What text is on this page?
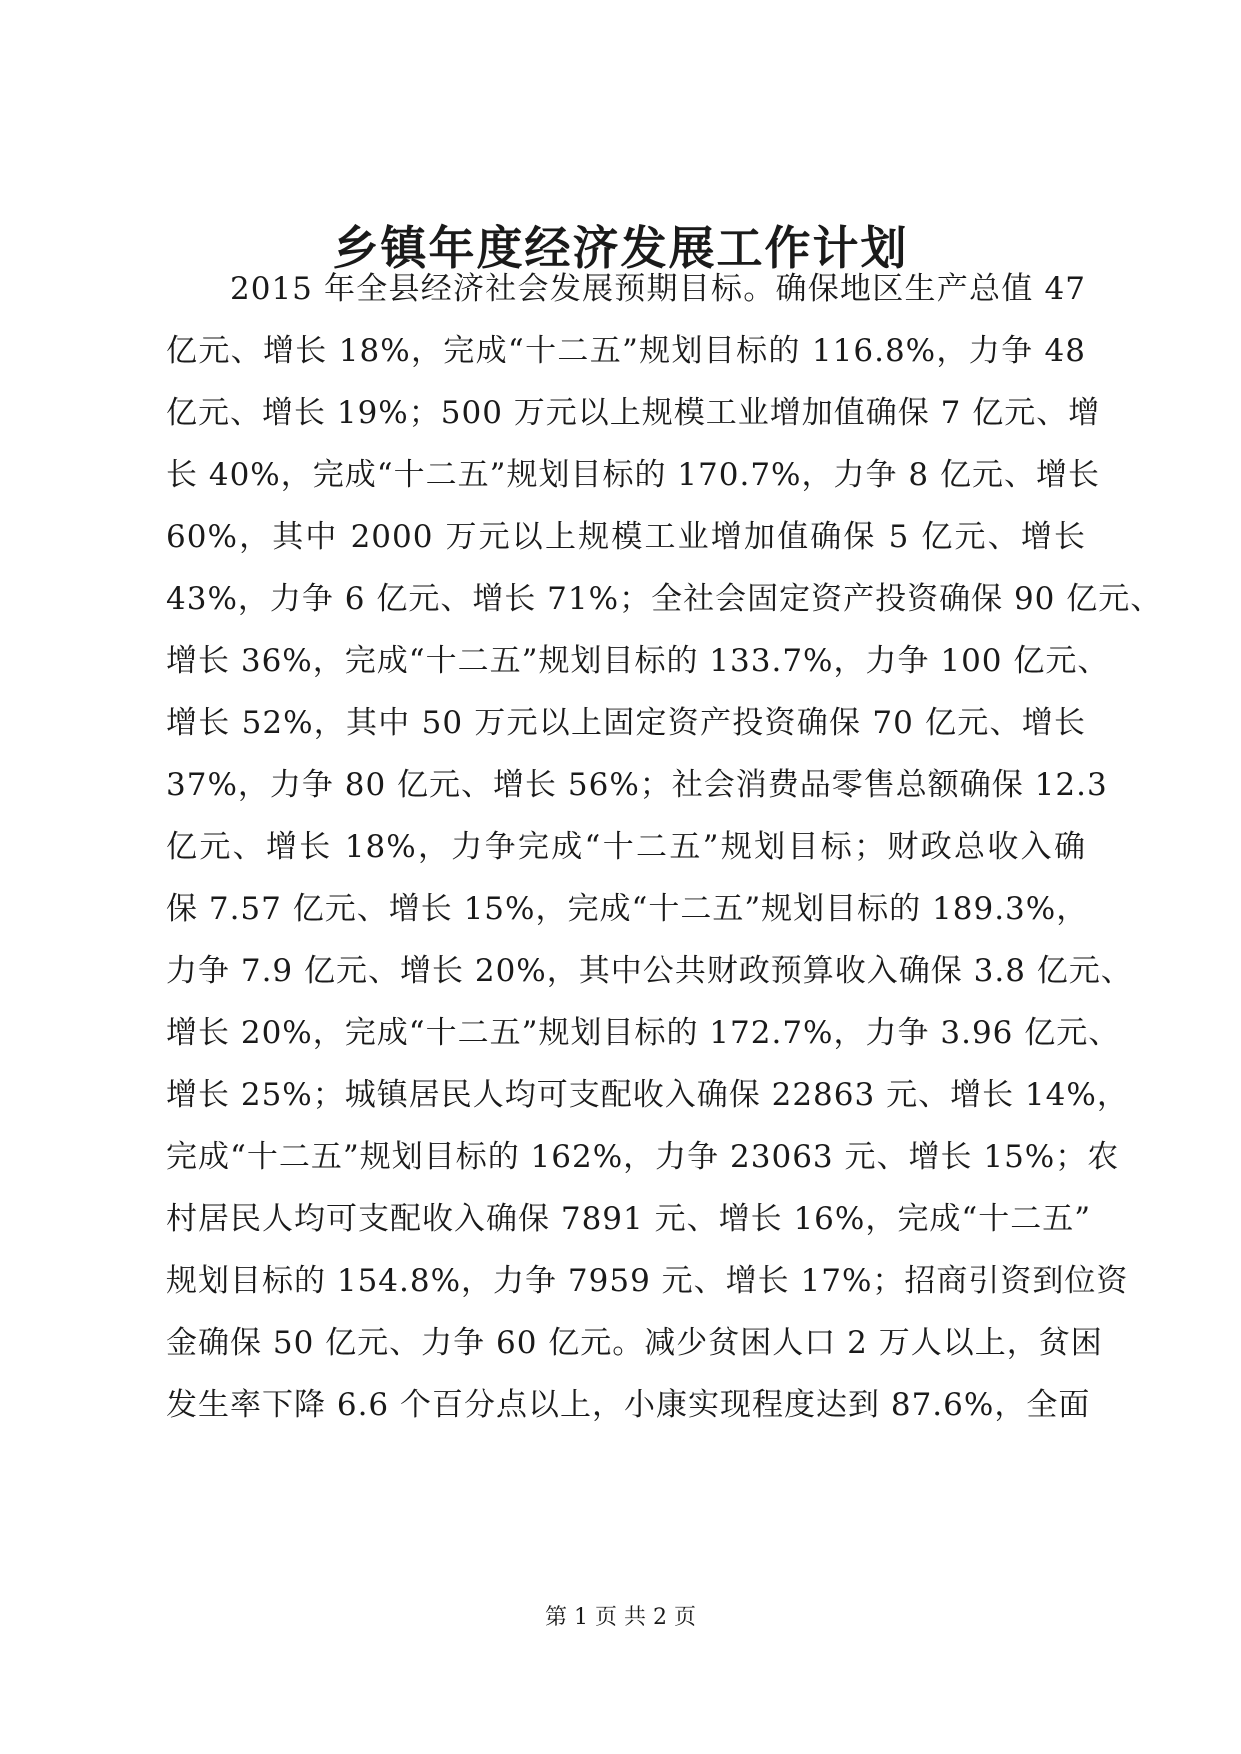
乡镇年度经济发展工作计划
2015 年全县经济社会发展预期目标。确保地区生产总值 47
亿元、增长 18%，完成“十二五”规划目标的 116.8%，力争 48
亿元、增长 19%；500 万元以上规模工业增加值确保 7 亿元、增
长 40%，完成“十二五”规划目标的 170.7%，力争 8 亿元、增长
60%，其中 2000 万元以上规模工业增加值确保 5 亿元、增长
43%，力争 6 亿元、增长 71%；全社会固定资产投资确保 90 亿元、
增长 36%，完成“十二五”规划目标的 133.7%，力争 100 亿元、
增长 52%，其中 50 万元以上固定资产投资确保 70 亿元、增长
37%，力争 80 亿元、增长 56%；社会消费品零售总额确保 12.3
亿元、增长 18%，力争完成“十二五”规划目标；财政总收入确
保 7.57 亿元、增长 15%，完成“十二五”规划目标的 189.3%，
力争 7.9 亿元、增长 20%，其中公共财政预算收入确保 3.8 亿元、
增长 20%，完成“十二五”规划目标的 172.7%，力争 3.96 亿元、
增长 25%；城镇居民人均可支配收入确保 22863 元、增长 14%，
完成“十二五”规划目标的 162%，力争 23063 元、增长 15%；农
村居民人均可支配收入确保 7891 元、增长 16%，完成“十二五”
规划目标的 154.8%，力争 7959 元、增长 17%；招商引资到位资
金确保 50 亿元、力争 60 亿元。减少贫困人口 2 万人以上，贫困
发生率下降 6.6 个百分点以上，小康实现程度达到 87.6%，全面
第 1 页 共 2 页
